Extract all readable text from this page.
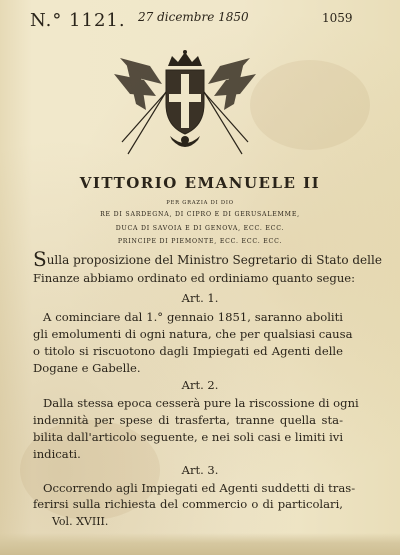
N.° 1121. 27 dicembre 1850	1059
VITTORIO EMANUELE II
PER GRAZIA DI DIO
RE DI SARDEGNA, DI CIPRO E DI GERUSALEMME,
DUCA DI SAVOIA E DI GENOVA, ECC. ECC.
PRINCIPE DI PIEMONTE, ECC. ECC. ECC.
Sulla proposizione del Ministro Segretario di Stato delle
Finanze abbiamo ordinato ed ordiniamo quanto segue:
Art. 1.
A cominciare dal 1.° gennaio 1851, saranno aboliti
gli emolumenti di ogni natura, che per qualsiasi causa
o titolo si riscuotono dagli Impiegati ed Agenti delle
Dogane e Gabelle.
Art. 2.
Dalla stessa epoca cesserà pure la riscossione di ogni
indennità per spese di trasferta, tranne quella sta-
bilita dall'articolo seguente, e nei soli casi e limiti ivi
indicati.
Art. 3.
Occorrendo agli Impiegati ed Agenti suddetti di tras-
ferirsi sulla richiesta del commercio o di particolari,
Vol. XVIII.
